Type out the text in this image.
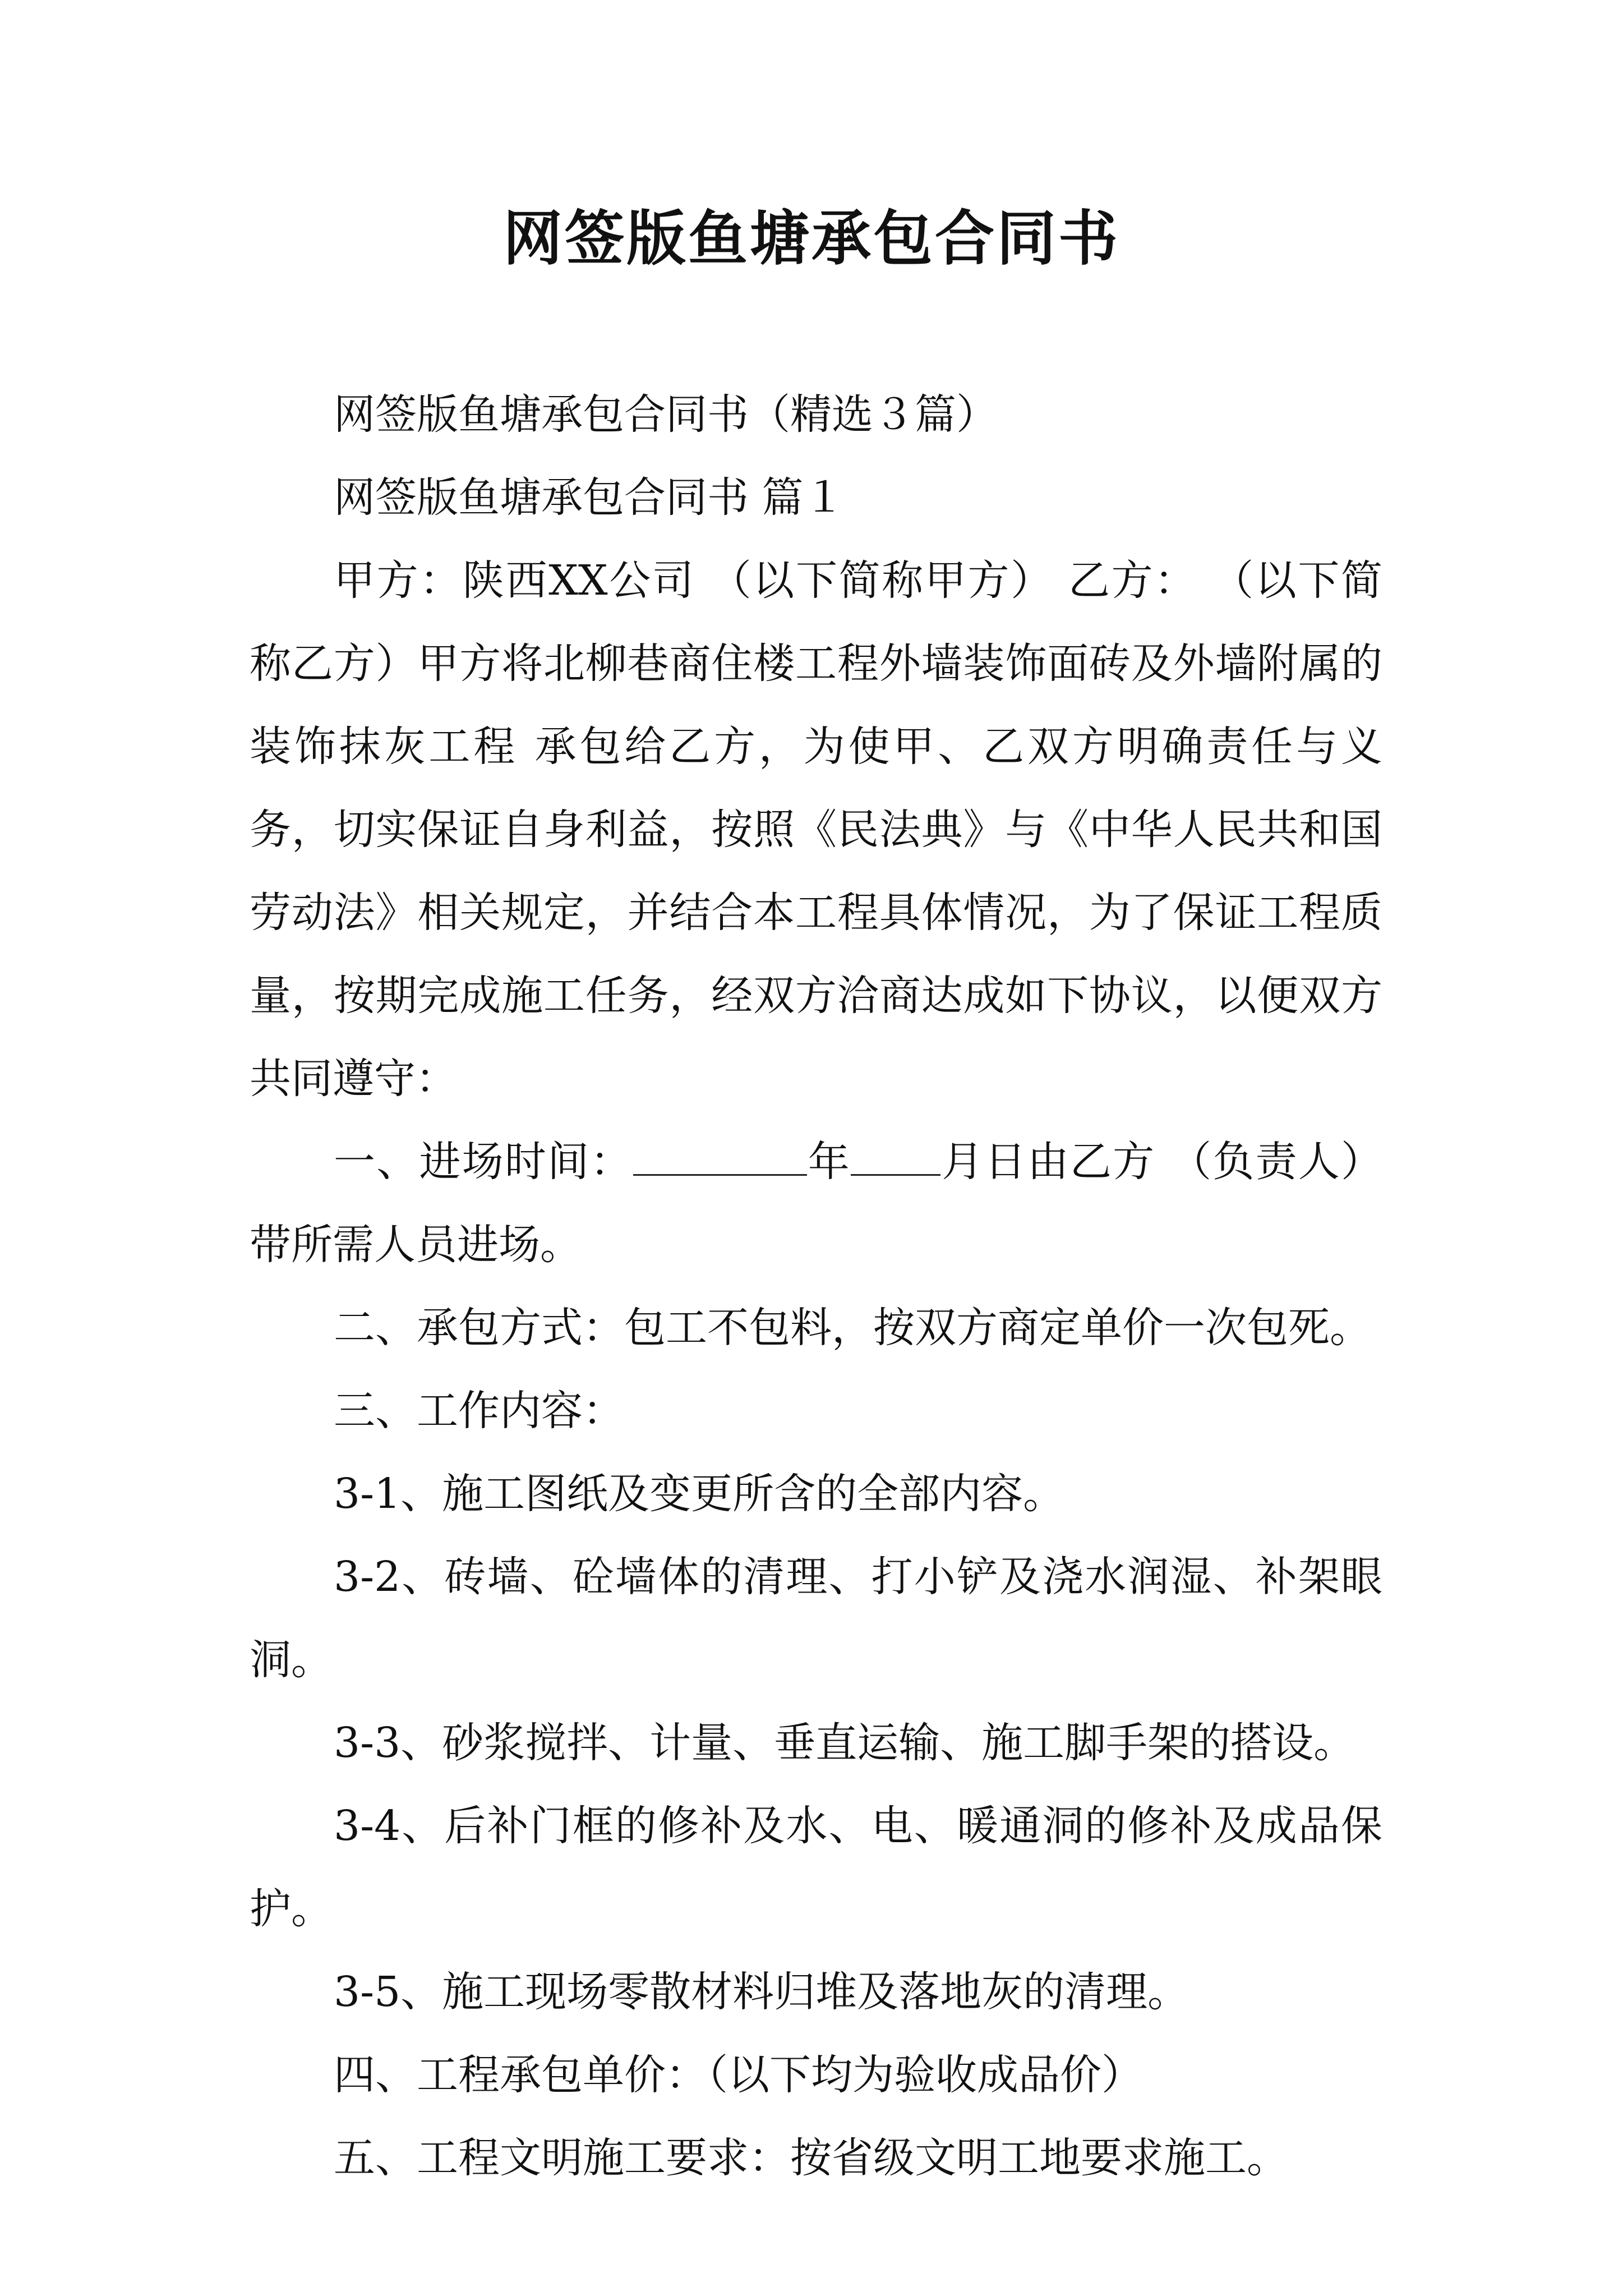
网签版鱼塘承包合同书

网签版鱼塘承包合同书（精选３篇）

网签版鱼塘承包合同书 篇１

甲方：陕西XX公司 （以下简称甲方） 乙方： （以下简称乙方）甲方将北柳巷商住楼工程外墙装饰面砖及外墙附属的装饰抹灰工程 承包给乙方，为使甲、乙双方明确责任与义务，切实保证自身利益，按照《民法典》与《中华人民共和国劳动法》相关规定，并结合本工程具体情况，为了保证工程质量，按期完成施工任务，经双方洽商达成如下协议，以便双方共同遵守：

一、进场时间：	年 月日由乙方 （负责人）带所需人员进场。

二、承包方式：包工不包料，按双方商定单价一次包死。

三、工作内容：

3-1、施工图纸及变更所含的全部内容。

3-2、砖墙、砼墙体的清理、打小铲及浇水润湿、补架眼洞。

3-3、砂浆搅拌、计量、垂直运输、施工脚手架的搭设。

3-4、后补门框的修补及水、电、暖通洞的修补及成品保护。

3-5、施工现场零散材料归堆及落地灰的清理。

四、工程承包单价：（以下均为验收成品价）

五、工程文明施工要求：按省级文明工地要求施工。
